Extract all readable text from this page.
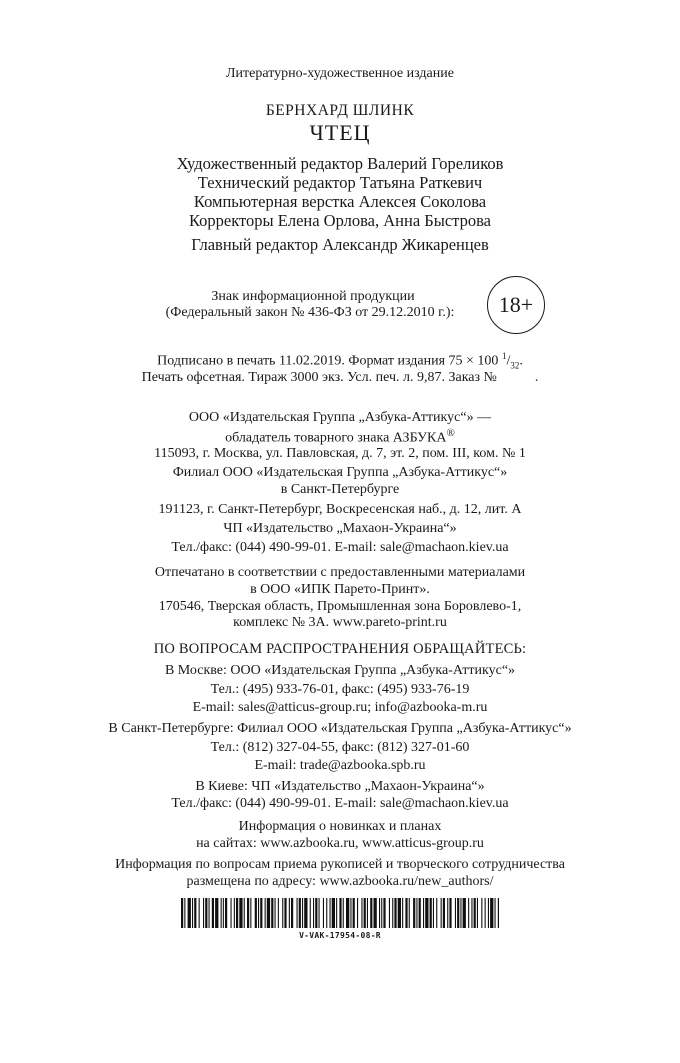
Литературно-художественное издание
БЕРНХАРД ШЛИНК
ЧТЕЦ
Художественный редактор Валерий Гореликов
Технический редактор Татьяна Раткевич
Компьютерная верстка Алексея Соколова
Корректоры Елена Орлова, Анна Быстрова
Главный редактор Александр Жикаренцев
Знак информационной продукции
(Федеральный закон № 436-ФЗ от 29.12.2010 г.):	18+
Подписано в печать 11.02.2019. Формат издания 75 × 100 $^1/_{32}$.
Печать офсетная. Тираж 3000 экз. Усл. печ. л. 9,87. Заказ №	.
ООО «Издательская Группа „Азбука-Аттикус“» —
обладатель товарного знака АЗБУКА®
115093, г. Москва, ул. Павловская, д. 7, эт. 2, пом. III, ком. № 1
Филиал ООО «Издательская Группа „Азбука-Аттикус“»
в Санкт-Петербурге
191123, г. Санкт-Петербург, Воскресенская наб., д. 12, лит. А
ЧП «Издательство „Махаон-Украина“»
Тел./факс: (044) 490-99-01. E-mail: sale@machaon.kiev.ua
Отпечатано в соответствии с предоставленными материалами
в ООО «ИПК Парето-Принт».
170546, Тверская область, Промышленная зона Боровлево-1,
комплекс № 3А. www.pareto-print.ru
ПО ВОПРОСАМ РАСПРОСТРАНЕНИЯ ОБРАЩАЙТЕСЬ:
В Москве: ООО «Издательская Группа „Азбука-Аттикус“»
Тел.: (495) 933-76-01, факс: (495) 933-76-19
E-mail: sales@atticus-group.ru; info@azbooka-m.ru
В Санкт-Петербурге: Филиал ООО «Издательская Группа „Азбука-Аттикус“»
Тел.: (812) 327-04-55, факс: (812) 327-01-60
E-mail: trade@azbooka.spb.ru
В Киеве: ЧП «Издательство „Махаон-Украина“»
Тел./факс: (044) 490-99-01. E-mail: sale@machaon.kiev.ua
Информация о новинках и планах
на сайтах: www.azbooka.ru, www.atticus-group.ru
Информация по вопросам приема рукописей и творческого сотрудничества
размещена по адресу: www.azbooka.ru/new_authors/
V-VAK-17954-08-R
